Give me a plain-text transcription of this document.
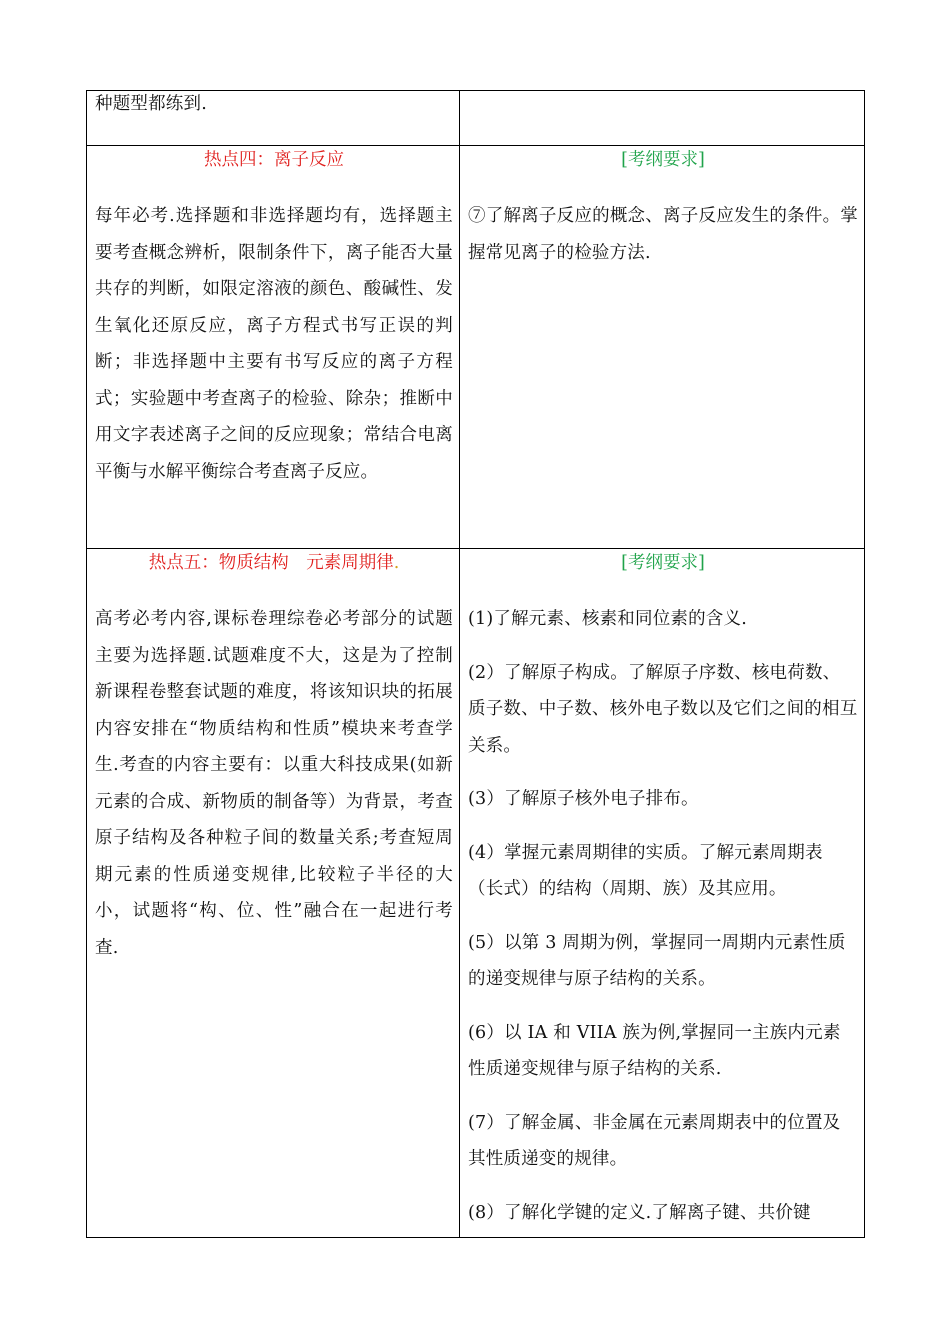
种题型都练到.

热点四：离子反应

每年必考.选择题和非选择题均有，选择题主要考查概念辨析，限制条件下，离子能否大量共存的判断，如限定溶液的颜色、酸碱性、发生氧化还原反应，离子方程式书写正误的判断；非选择题中主要有书写反应的离子方程式；实验题中考查离子的检验、除杂；推断中用文字表述离子之间的反应现象；常结合电离平衡与水解平衡综合考查离子反应。

[考纲要求]

⑦了解离子反应的概念、离子反应发生的条件。掌握常见离子的检验方法.

热点五：物质结构　元素周期律.

高考必考内容,课标卷理综卷必考部分的试题主要为选择题.试题难度不大，这是为了控制新课程卷整套试题的难度，将该知识块的拓展内容安排在“物质结构和性质”模块来考查学生.考查的内容主要有：以重大科技成果(如新元素的合成、新物质的制备等）为背景，考查原子结构及各种粒子间的数量关系;考查短周期元素的性质递变规律,比较粒子半径的大小，试题将“构、位、性”融合在一起进行考查.

[考纲要求]

(1)了解元素、核素和同位素的含义.

(2）了解原子构成。了解原子序数、核电荷数、质子数、中子数、核外电子数以及它们之间的相互关系。

(3）了解原子核外电子排布。

(4）掌握元素周期律的实质。了解元素周期表（长式）的结构（周期、族）及其应用。

(5）以第 3 周期为例，掌握同一周期内元素性质的递变规律与原子结构的关系。

(6）以 IA 和 VIIA 族为例,掌握同一主族内元素性质递变规律与原子结构的关系.

(7）了解金属、非金属在元素周期表中的位置及其性质递变的规律。

(8）了解化学键的定义.了解离子键、共价键
